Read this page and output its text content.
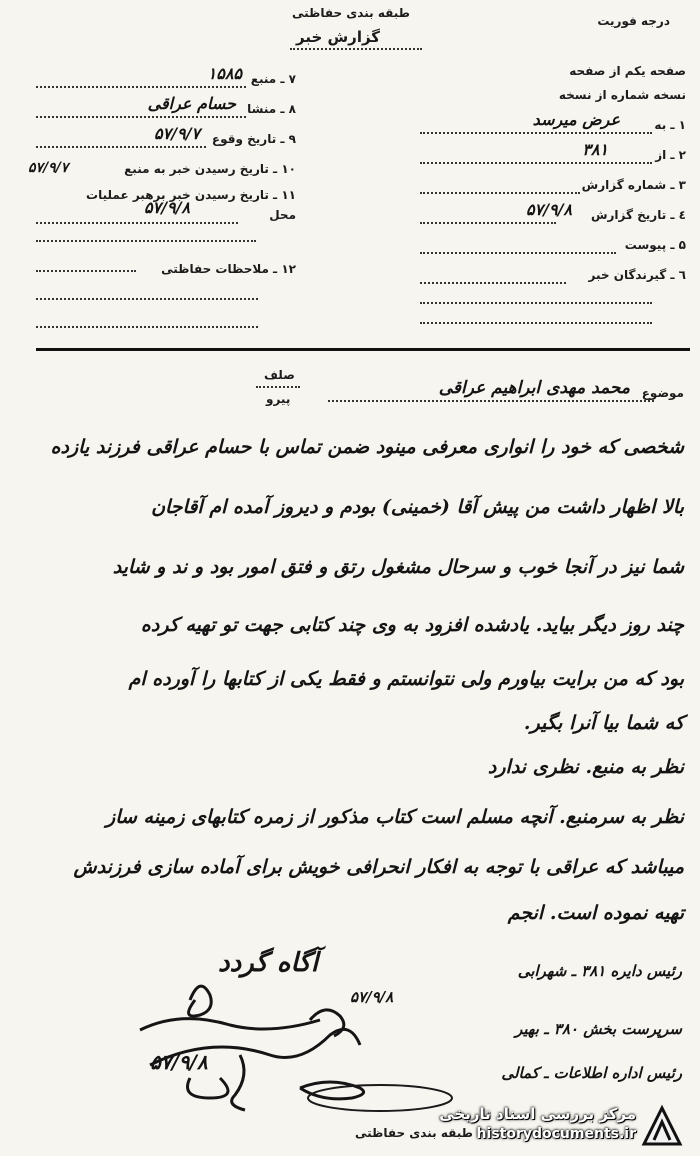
طبقه بندی حفاظتی
درجه فوریت
گزارش خبر
صفحه یکم از صفحه
نسخه شماره از نسخه
۱ ـ به
عرض میرسد
۲ ـ از
۳۸۱
۳ ـ شماره گزارش
٤ ـ تاریخ گزارش
۵۷/۹/۸
۵ ـ پیوست
٦ ـ گیرندگان خبر
۷ ـ منبع
۱۵۸۵
۸ ـ منشا
حسام عراقی
۹ ـ تاریخ وقوع
۵۷/۹/۷
۱۰ ـ تاریخ رسیدن خبر به منبع
۵۷/۹/۷
۱۱ ـ تاریخ رسیدن خبر برهبر عملیات
محل
۵۷/۹/۸
۱۲ ـ ملاحظات حفاظتی
موضوع
محمد مهدی ابراهیم عراقی
صلف
پیرو
شخصی که خود را انواری معرفی مینود ضمن تماس با حسام عراقی فرزند یازده
بالا اظهار داشت من پیش آقا (خمینی) بودم و دیروز آمده ام آقاجان
شما نیز در آنجا خوب و سرحال مشغول رتق و فتق امور بود و ند و شاید
چند روز دیگر بیاید. یادشده افزود به وی چند کتابی جهت تو تهیه کرده
بود که من برایت بیاورم ولی نتوانستم و فقط یکی از کتابها را آورده ام
که شما بیا آنرا بگیر.
نظر به منبع. نظری ندارد
نظر به سرمنبع. آنچه مسلم است کتاب مذکور از زمره کتابهای زمینه ساز
میباشد که عراقی با توجه به افکار انحرافی خویش برای آماده سازی فرزندش
تهیه نموده است. انجم
رئیس دایره ۳۸۱ ـ شهرابی
۵۷/۹/۸
آگاه گردد
سرپرست بخش ۳۸۰ ـ بهیر
رئیس اداره اطلاعات ـ کمالی
۵۷/۹/۸
طبقه بندی حفاظتی
مرکز بررسی اسناد تاریخی
historydocuments.ir
